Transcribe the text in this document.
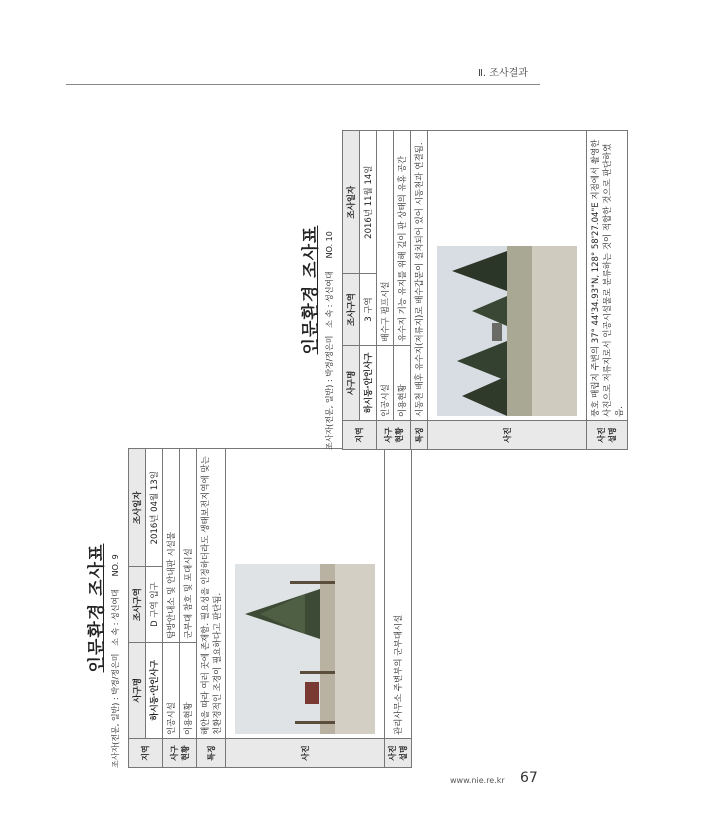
Ⅱ. 조사결과
인문환경 조사표
조사자(전문, 일반) : 박경/정은미   소 속 : 성신여대     NO. 9
지역	사구명	조사구역	조사일자
	하시동·안인사구	D 구역 입구	2016년 04월 13일
사구
현황	인공시설	탐방안내소 및 안내판 시설물	
	이용현황	군부대 참호 및 포대시설	
특징	해안을 따라 여러 곳에 존재함. 필요성을 인정하더라도 생태보전지역에 맞는 친환경적인 조경이 필요하다고 판단됨.		
사진	

사진 설명	관리사무소 주변부의 군부대시설		
인문환경 조사표
조사자(전문, 일반) : 박경/정은미   소 속 : 성신여대     NO. 10
지역	사구명	조사구역	조사일자
	하시동·안인사구	3 구역	2016년 11월 14일
사구
현황	인공시설	배수구 펌프시설	
	이용현황	유수지 기능 유지를 위해 깊이 판 상태의 유휴 공간	
특징	시동천 배후 유수지(저류지)로 배수갑문이 설치되어 있어 시동천과 연결됨.		
사진	

사진 설명	풍호 매립지 주변의 37° 44'34.93"N, 128° 58'27.04"E 지점에서 촬영한 사진으로 저류지로서 인공시설물로 분류하는 것이 적합한 것으로 판단하였음.		
www.nie.re.kr 67
